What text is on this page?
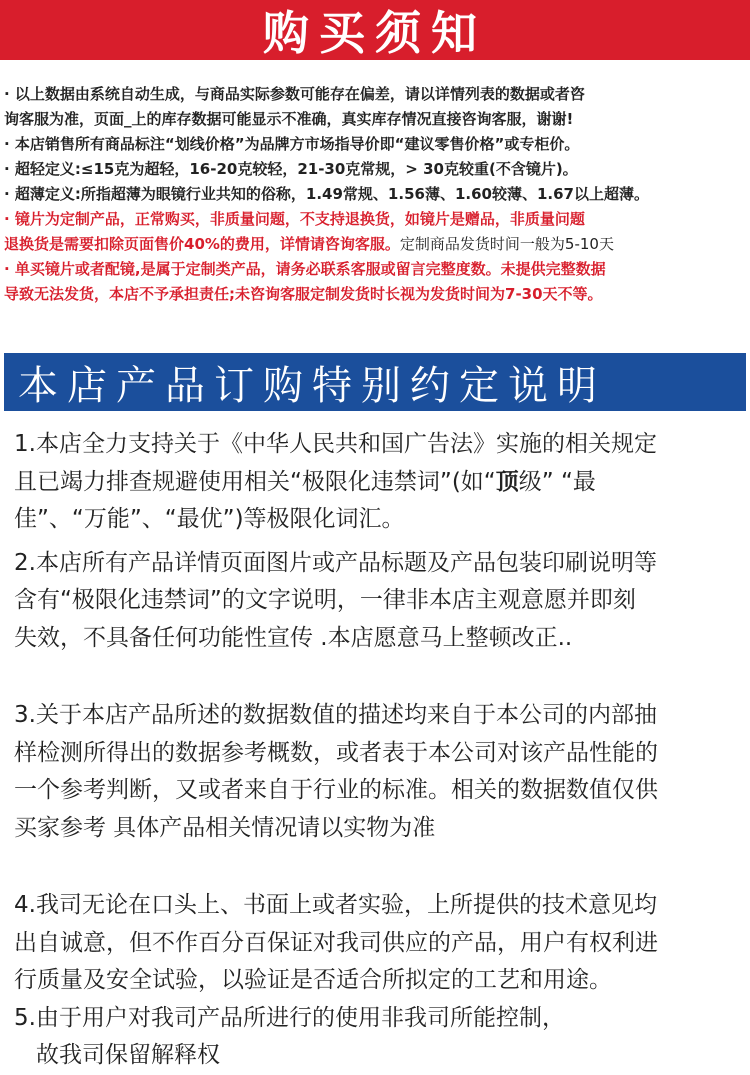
购买须知
· 以上数据由系统自动生成，与商品实际参数可能存在偏差，请以详情列表的数据或者咨
询客服为准，页面_上的库存数据可能显示不准确，真实库存情况直接咨询客服，谢谢!
· 本店销售所有商品标注“划线价格”为品牌方市场指导价即“建议零售价格”或专柜价。
· 超轻定义:≤15克为超轻，16-20克较轻，21-30克常规，> 30克较重(不含镜片)。
· 超薄定义:所指超薄为眼镜行业共知的俗称，1.49常规、1.56薄、1.60较薄、1.67以上超薄。
· 镜片为定制产品，正常购买，非质量问题，不支持退换货，如镜片是赠品，非质量问题
退换货是需要扣除页面售价40%的费用，详情请咨询客服。定制商品发货时间一般为5-10天
· 单买镜片或者配镜,是属于定制类产品，请务必联系客服或留言完整度数。未提供完整数据
导致无法发货，本店不予承担责任;未咨询客服定制发货时长视为发货时间为7-30天不等。
本店产品订购特别约定说明

1.本店全力支持关于《中华人民共和国广告法》实施的相关规定

且已竭力排查规避使用相关“极限化违禁词”(如“顶级” “最

佳”、“万能”、“最优”)等极限化词汇。

2.本店所有产品详情页面图片或产品标题及产品包装印刷说明等

含有“极限化违禁词”的文字说明，一律非本店主观意愿并即刻

失效，不具备任何功能性宣传 .本店愿意马上整顿改正..

3.关于本店产品所述的数据数值的描述均来自于本公司的内部抽

样检测所得出的数据参考概数，或者表于本公司对该产品性能的

一个参考判断，又或者来自于行业的标准。相关的数据数值仅供

买家参考 具体产品相关情况请以实物为准

4.我司无论在口头上、书面上或者实验，上所提供的技术意见均

出自诚意，但不作百分百保证对我司供应的产品，用户有权利进

行质量及安全试验，以验证是否适合所拟定的工艺和用途。

5.由于用户对我司产品所进行的使用非我司所能控制，

故我司保留解释权
